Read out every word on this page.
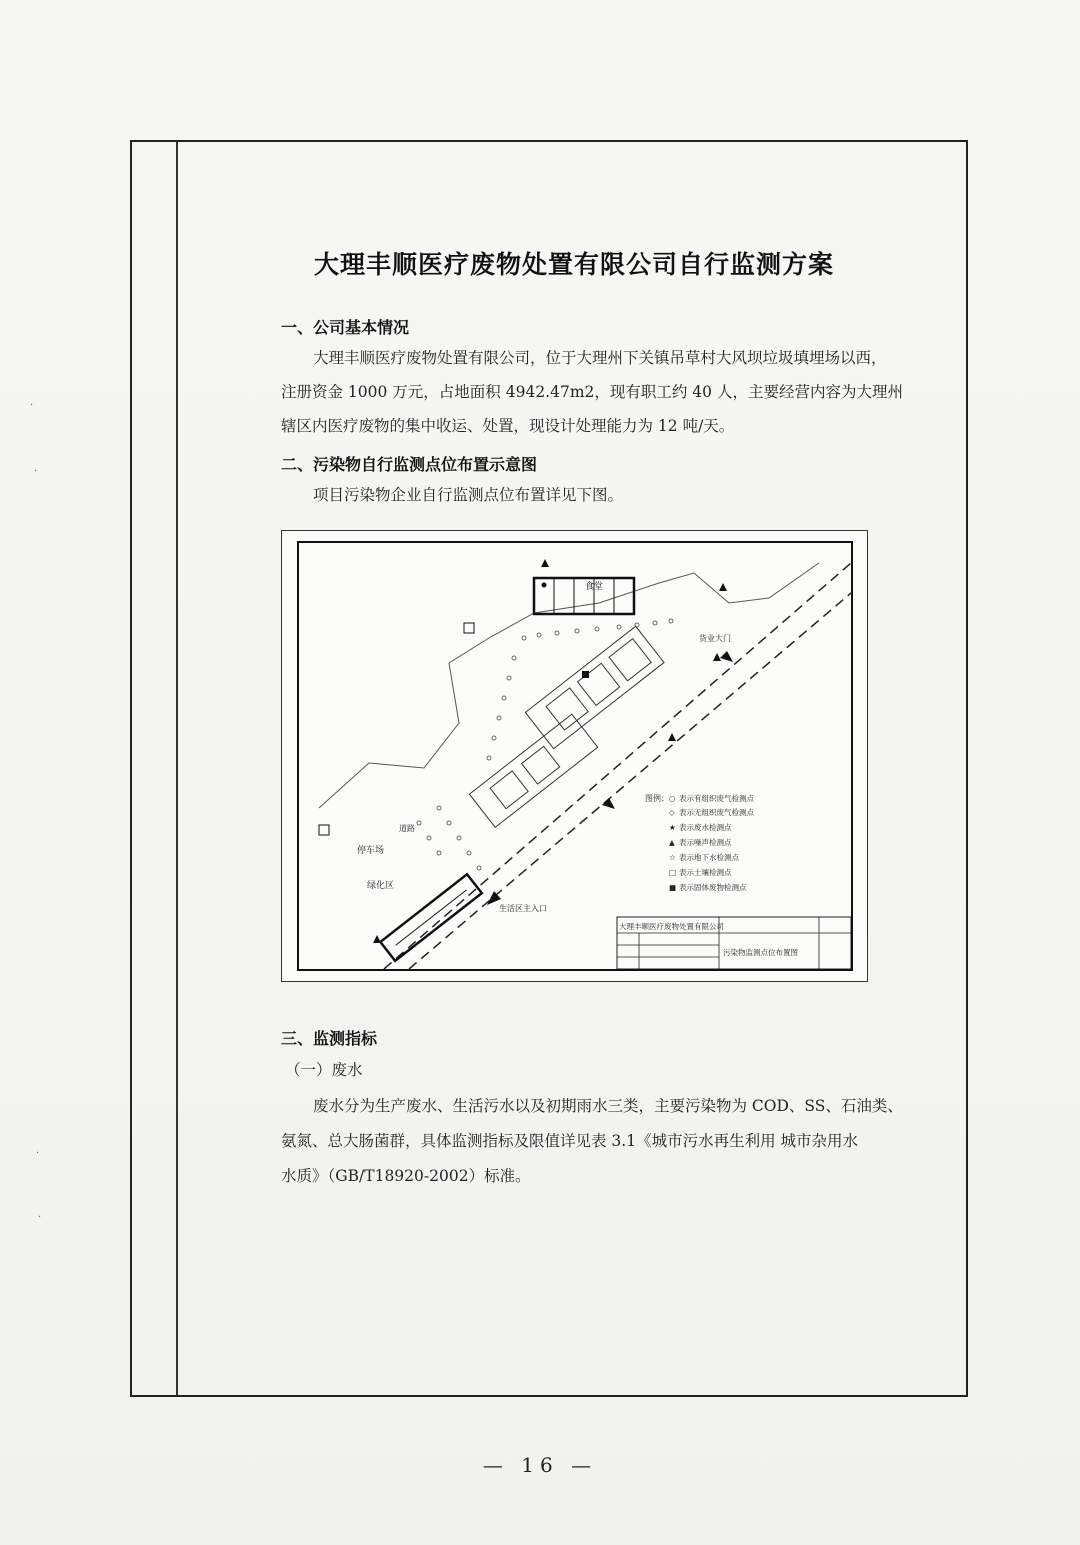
·
·
·
·
大理丰顺医疗废物处置有限公司自行监测方案
一、公司基本情况
大理丰顺医疗废物处置有限公司，位于大理州下关镇吊草村大风坝垃圾填埋场以西，
注册资金 1000 万元，占地面积 4942.47m2，现有职工约 40 人，主要经营内容为大理州
辖区内医疗废物的集中收运、处置，现设计处理能力为 12 吨/天。
二、污染物自行监测点位布置示意图
项目污染物企业自行监测点位布置详见下图。
食堂
停车场
道路
绿化区
货业大门
生活区主入口
图例： ○ 表示有组织废气检测点
◇ 表示无组织废气检测点
★ 表示废水检测点
▲ 表示噪声检测点
☆ 表示地下水检测点
□ 表示土壤检测点
■ 表示固体废物检测点
大理丰顺医疗废物处置有限公司
污染物监测点位布置图
三、监测指标
（一）废水
废水分为生产废水、生活污水以及初期雨水三类，主要污染物为 COD、SS、石油类、
氨氮、总大肠菌群，具体监测指标及限值详见表 3.1《城市污水再生利用 城市杂用水
水质》（GB/T18920-2002）标准。
— 16 —
